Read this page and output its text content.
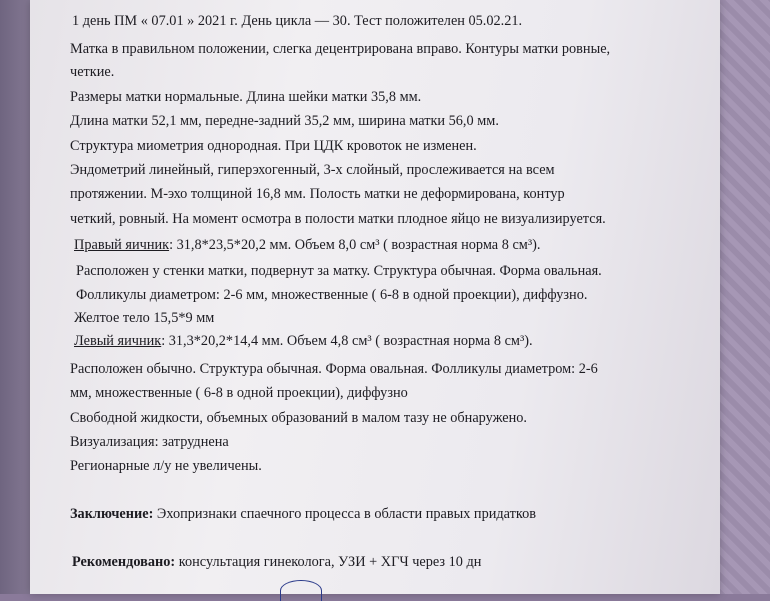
1 день ПМ « 07.01 » 2021 г. День цикла — 30. Тест положителен 05.02.21.
Матка в правильном положении, слегка децентрирована вправо. Контуры матки ровные,
четкие.
Размеры матки нормальные. Длина шейки матки 35,8 мм.
Длина матки 52,1 мм, передне-задний 35,2 мм, ширина матки 56,0 мм.
Структура миометрия однородная. При ЦДК кровоток не изменен.
Эндометрий линейный, гиперэхогенный, 3-х слойный, прослеживается на всем
протяжении. М-эхо толщиной 16,8 мм. Полость матки не деформирована, контур
четкий, ровный. На момент осмотра в полости матки плодное яйцо не визуализируется.
Правый яичник: 31,8*23,5*20,2 мм. Объем 8,0 см³ ( возрастная норма 8 см³).
Расположен у стенки матки, подвернут за матку. Структура обычная. Форма овальная.
Фолликулы диаметром: 2-6 мм, множественные ( 6-8 в одной проекции), диффузно.
Желтое тело 15,5*9 мм
Левый яичник: 31,3*20,2*14,4 мм. Объем 4,8 см³ ( возрастная норма 8 см³).
Расположен обычно. Структура обычная. Форма овальная. Фолликулы диаметром: 2-6
мм, множественные ( 6-8 в одной проекции), диффузно
Свободной жидкости, объемных образований в малом тазу не обнаружено.
Визуализация: затруднена
Регионарные л/у не увеличены.
Заключение: Эхопризнаки спаечного процесса в области правых придатков
Рекомендовано: консультация гинеколога, УЗИ + ХГЧ через 10 дн
